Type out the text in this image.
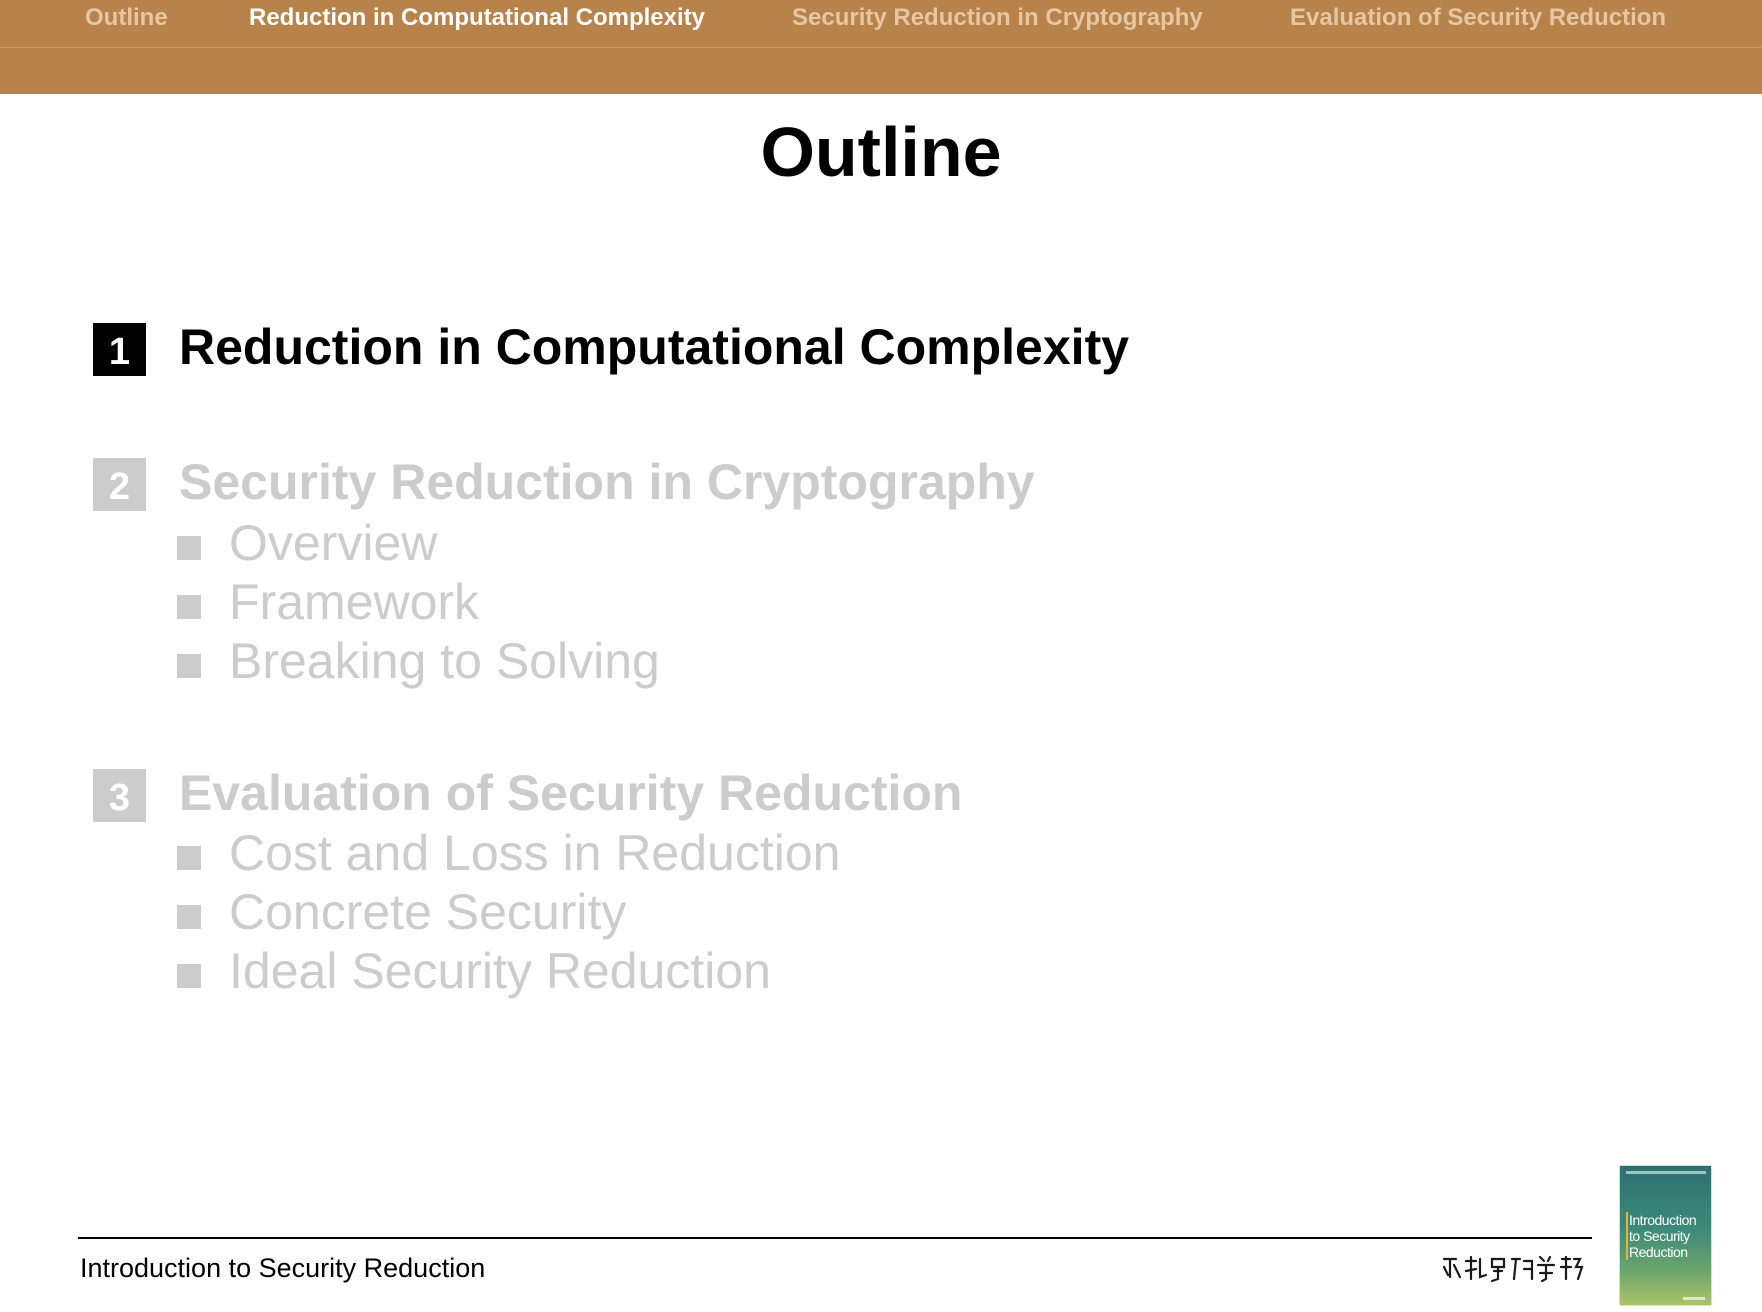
Outline	Reduction in Computational Complexity	Security Reduction in Cryptography	Evaluation of Security Reduction
Outline
1 Reduction in Computational Complexity
2 Security Reduction in Cryptography
Overview
Framework
Breaking to Solving
3 Evaluation of Security Reduction
Cost and Loss in Reduction
Concrete Security
Ideal Security Reduction
Introduction to Security Reduction
Introduction
to Security
Reduction
